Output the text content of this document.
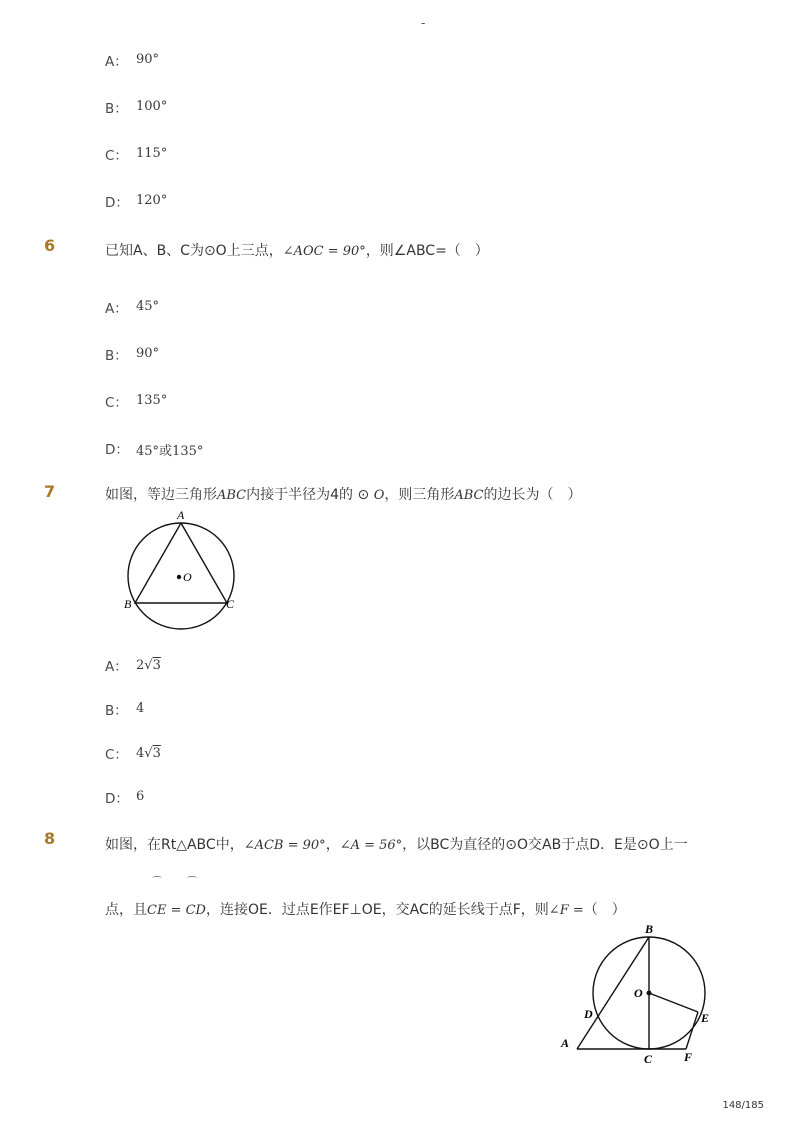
-
A： 90°
B： 100°
C： 115°
D： 120°
6	已知A、B、C为⊙O上三点，∠AOC = 90°，则∠ABC=（　）
A： 45°
B： 90°
C： 135°
D： 45°或135°
7	如图，等边三角形ABC内接于半径为4的 ⊙ O，则三角形ABC的边长为（　）
A
B	C
O
A： 2√3
B： 4
C： 4√3
D： 6
8	如图，在Rt△ABC中，∠ACB = 90°，∠A = 56°，以BC为直径的⊙O交AB于点D．E是⊙O上一
⌒	⌒
点，且CE = CD，连接OE．过点E作EF⊥OE，交AC的延长线于点F，则∠F =（　）
B
O
D	E
A
C	F
148/185
